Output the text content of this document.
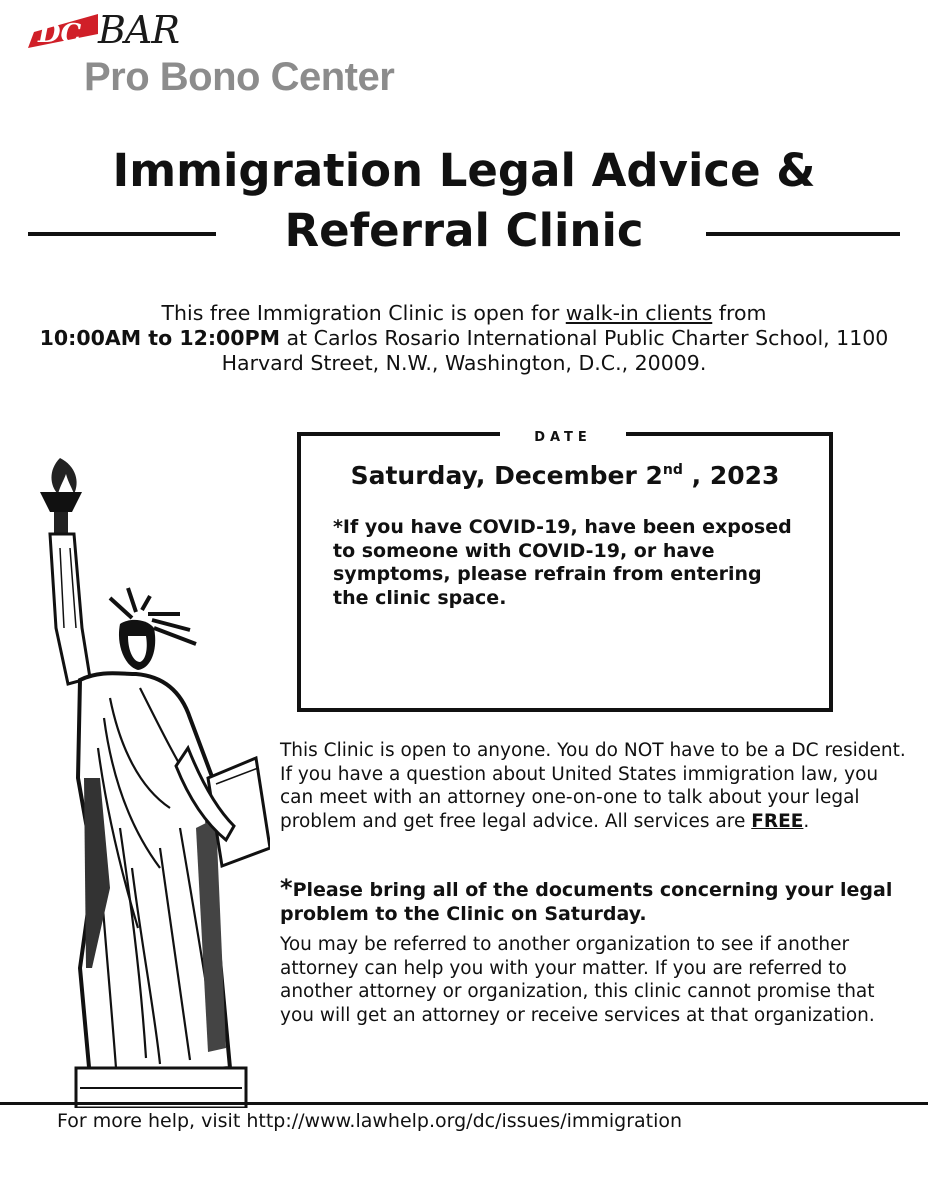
DC BAR
Pro Bono Center
Immigration Legal Advice &
Referral Clinic
This free Immigration Clinic is open for walk-in clients from
10:00AM to 12:00PM at Carlos Rosario International Public Charter School, 1100 Harvard Street, N.W., Washington, D.C., 20009.
DATE
Saturday, December 2nd , 2023
*If you have COVID-19, have been exposed to someone with COVID-19, or have symptoms, please refrain from entering the clinic space.
This Clinic is open to anyone. You do NOT have to be a DC resident. If you have a question about United States immigration law, you can meet with an attorney one-on-one to talk about your legal problem and get free legal advice. All services are FREE.
*Please bring all of the documents concerning your legal problem to the Clinic on Saturday.
You may be referred to another organization to see if another attorney can help you with your matter. If you are referred to another attorney or organization, this clinic cannot promise that you will get an attorney or receive services at that organization.
For more help, visit http://www.lawhelp.org/dc/issues/immigration
